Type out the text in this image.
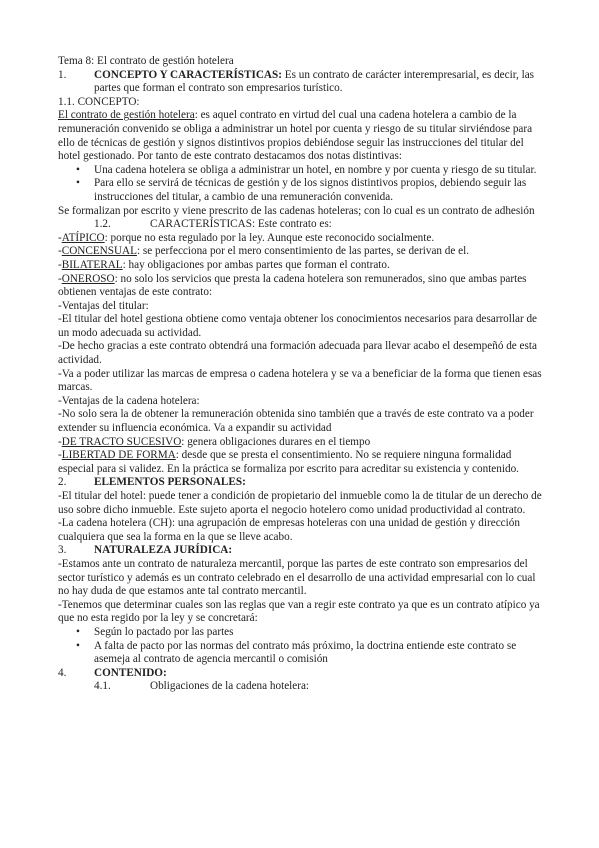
Tema 8: El contrato de gestión hotelera

1. CONCEPTO Y CARACTERÍSTICAS: Es un contrato de carácter interempresarial, es decir, las partes que forman el contrato son empresarios turístico.

1.1. CONCEPTO:

El contrato de gestión hotelera: es aquel contrato en virtud del cual una cadena hotelera a cambio de la remuneración convenido se obliga a administrar un hotel por cuenta y riesgo de su titular sirviéndose para ello de técnicas de gestión y signos distintivos propios debiéndose seguir las instrucciones del titular del hotel gestionado. Por tanto de este contrato destacamos dos notas distintivas:

• Una cadena hotelera se obliga a administrar un hotel, en nombre y por cuenta y riesgo de su titular.

• Para ello se servirá de técnicas de gestión y de los signos distintivos propios, debiendo seguir las instrucciones del titular, a cambio de una remuneración convenida.

Se formalizan por escrito y viene prescrito de las cadenas hoteleras; con lo cual es un contrato de adhesión

1.2.	CARACTERÍSTICAS: Este contrato es:

-ATÍPICO: porque no esta regulado por la ley. Aunque este reconocido socialmente.

-CONCENSUAL: se perfecciona por el mero consentimiento de las partes, se derivan de el.

-BILATERAL: hay obligaciones por ambas partes que forman el contrato.

-ONEROSO: no solo los servicios que presta la cadena hotelera son remunerados, sino que ambas partes obtienen ventajas de este contrato:

-Ventajas del titular:

-El titular del hotel gestiona obtiene como ventaja obtener los conocimientos necesarios para desarrollar de un modo adecuada su actividad.

-De hecho gracias a este contrato obtendrá una formación adecuada para llevar acabo el desempeñó de esta actividad.

-Va a poder utilizar las marcas de empresa o cadena hotelera y se va a beneficiar de la forma que tienen esas marcas.

-Ventajas de la cadena hotelera:

-No solo sera la de obtener la remuneración obtenida sino también que a través de este contrato va a poder extender su influencia económica. Va a expandir su actividad

-DE TRACTO SUCESIVO: genera obligaciones durares en el tiempo

-LIBERTAD DE FORMA: desde que se presta el consentimiento. No se requiere ninguna formalidad especial para si validez. En la práctica se formaliza por escrito para acreditar su existencia y contenido.

2. ELEMENTOS PERSONALES:

-El titular del hotel: puede tener a condición de propietario del inmueble como la de titular de un derecho de uso sobre dicho inmueble. Este sujeto aporta el negocio hotelero como unidad productividad al contrato.

-La cadena hotelera (CH): una agrupación de empresas hoteleras con una unidad de gestión y dirección cualquiera que sea la forma en la que se lleve acabo.

3. NATURALEZA JURÍDICA:

-Estamos ante un contrato de naturaleza mercantil, porque las partes de este contrato son empresarios del sector turístico y además es un contrato celebrado en el desarrollo de una actividad empresarial con lo cual no hay duda de que estamos ante tal contrato mercantil.

-Tenemos que determinar cuales son las reglas que van a regir este contrato ya que es un contrato atípico ya que no esta regido por la ley y se concretará:

• Según lo pactado por las partes

• A falta de pacto por las normas del contrato más próximo, la doctrina entiende este contrato se asemeja al contrato de agencia mercantil o comisión

4. CONTENIDO:

4.1.	Obligaciones de la cadena hotelera:
